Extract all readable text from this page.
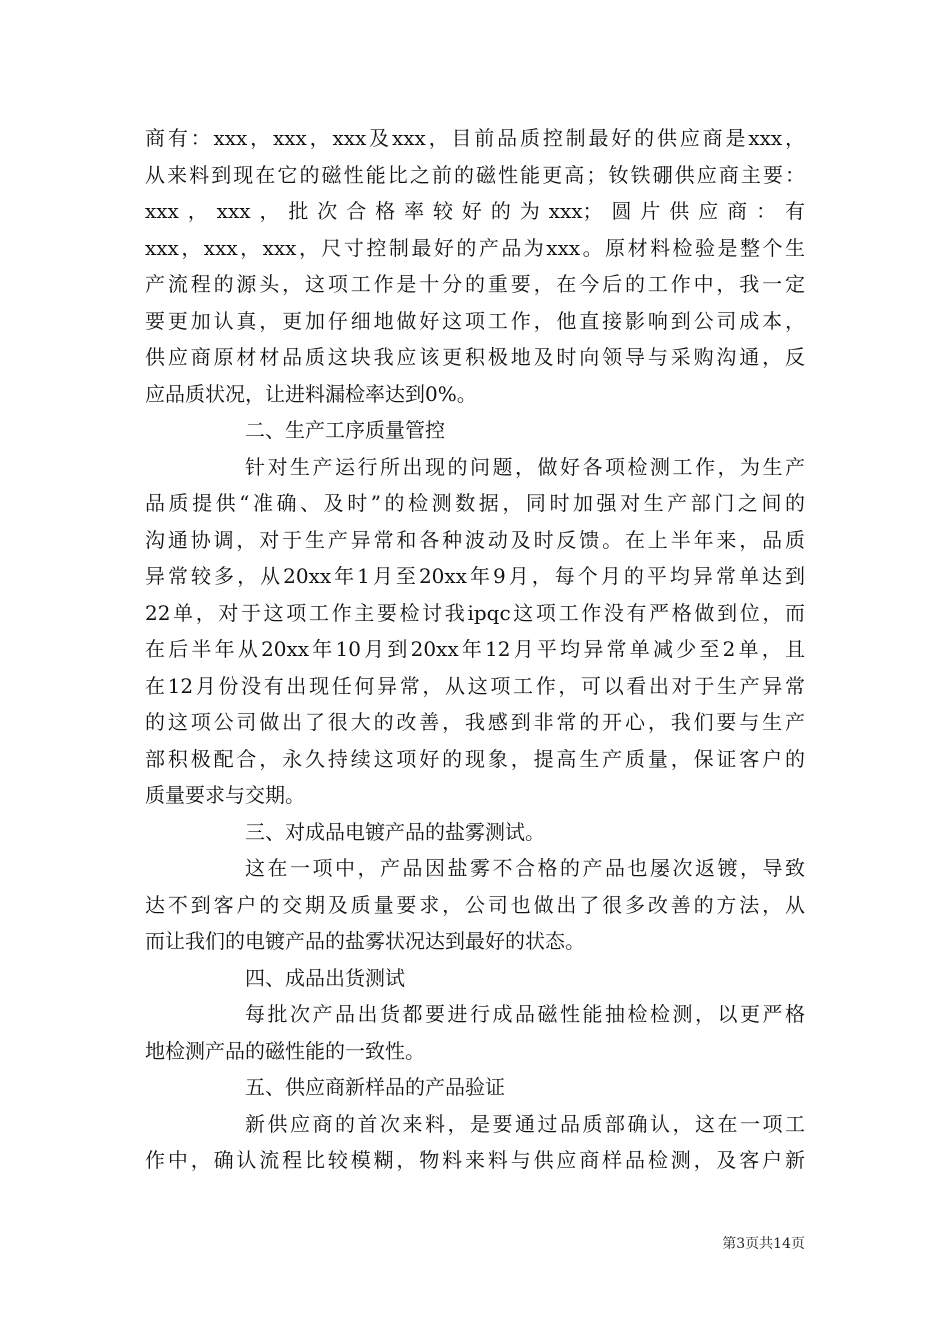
商有：xxx，xxx，xxx及xxx，目前品质控制最好的供应商是xxx，
从来料到现在它的磁性能比之前的磁性能更高；钕铁硼供应商主要：
xxx，xxx，批次合格率较好的为xxx；圆片供应商：有
xxx，xxx，xxx，尺寸控制最好的产品为xxx。原材料检验是整个生
产流程的源头，这项工作是十分的重要，在今后的工作中，我一定
要更加认真，更加仔细地做好这项工作，他直接影响到公司成本，
供应商原材材品质这块我应该更积极地及时向领导与采购沟通，反
应品质状况，让进料漏检率达到0%。
二、生产工序质量管控
针对生产运行所出现的问题，做好各项检测工作，为生产
品质提供“准确、及时”的检测数据，同时加强对生产部门之间的
沟通协调，对于生产异常和各种波动及时反馈。在上半年来，品质
异常较多，从20xx年1月至20xx年9月，每个月的平均异常单达到
22单，对于这项工作主要检讨我ipqc这项工作没有严格做到位，而
在后半年从20xx年10月到20xx年12月平均异常单减少至2单，且
在12月份没有出现任何异常，从这项工作，可以看出对于生产异常
的这项公司做出了很大的改善，我感到非常的开心，我们要与生产
部积极配合，永久持续这项好的现象，提高生产质量，保证客户的
质量要求与交期。
三、对成品电镀产品的盐雾测试。
这在一项中，产品因盐雾不合格的产品也屡次返镀，导致
达不到客户的交期及质量要求，公司也做出了很多改善的方法，从
而让我们的电镀产品的盐雾状况达到最好的状态。
四、成品出货测试
每批次产品出货都要进行成品磁性能抽检检测，以更严格
地检测产品的磁性能的一致性。
五、供应商新样品的产品验证
新供应商的首次来料，是要通过品质部确认，这在一项工
作中，确认流程比较模糊，物料来料与供应商样品检测，及客户新
第3页共14页
